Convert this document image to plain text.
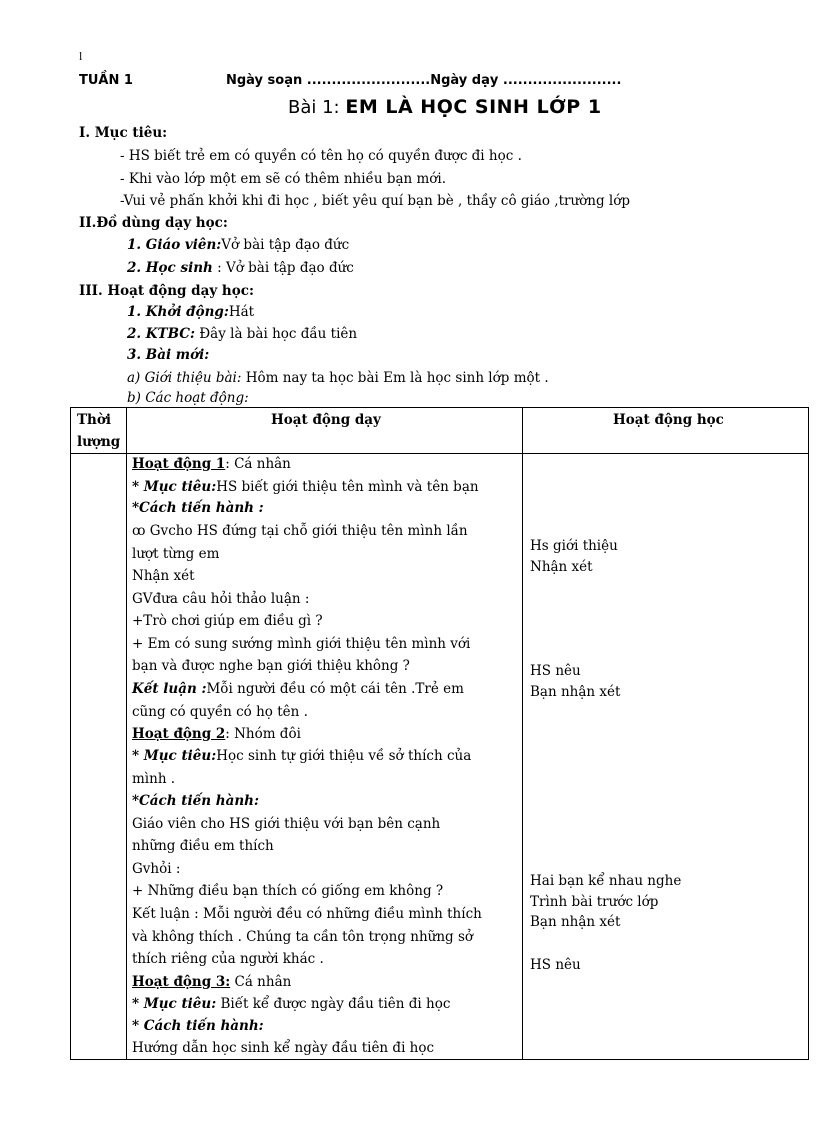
l
TUẦN 1	Ngày soạn .........................Ngày dạy ........................
Bài 1: EM LÀ HỌC SINH LỚP 1
I. Mục tiêu:
- HS biết trẻ em có quyền có tên họ có quyền được đi học .
- Khi vào lớp một em sẽ có thêm nhiều bạn mới.
-Vui vẻ phấn khởi khi đi học , biết yêu quí bạn bè , thầy cô giáo ,trường lớp
II.Đồ dùng dạy học:
1. Giáo viên:Vở bài tập đạo đức
2. Học sinh : Vở bài tập đạo đức
III. Hoạt động dạy học:
1. Khởi động:Hát
2. KTBC: Đây là bài học đầu tiên
3. Bài mới:
a) Giới thiệu bài: Hôm nay ta học bài Em là học sinh lớp một .
b) Các hoạt động:
Thời
lượng
Hoạt động dạy	Hoạt động học
Hoạt động 1: Cá nhân
* Mục tiêu:HS biết giới thiệu tên mình và tên bạn
*Cách tiến hành :
ꝏ Gvcho HS đứng tại chỗ giới thiệu tên mình lần
lượt từng em
Nhận xét
GVđưa câu hỏi thảo luận :
+Trò chơi giúp em điều gì ?
+ Em có sung sướng mình giới thiệu tên mình với
bạn và được nghe bạn giới thiệu không ?
Kết luận :Mỗi người đều có một cái tên .Trẻ em
cũng có quyền có họ tên .
Hoạt động 2: Nhóm đôi
* Mục tiêu:Học sinh tự giới thiệu về sở thích của
mình .
*Cách tiến hành:
Giáo viên cho HS giới thiệu với bạn bên cạnh
những điều em thích
Gvhỏi :
+ Những điều bạn thích có giống em không ?
Kết luận : Mỗi người đều có những điều mình thích
và không thích . Chúng ta cần tôn trọng những sở
thích riêng của người khác .
Hoạt động 3: Cá nhân
* Mục tiêu: Biết kể được ngày đầu tiên đi học
* Cách tiến hành:
Hướng dẫn học sinh kể ngày đầu tiên đi học
Hs giới thiệu
Nhận xét
HS nêu
Bạn nhận xét
Hai bạn kể nhau nghe
Trình bài trước lớp
Bạn nhận xét
HS nêu
